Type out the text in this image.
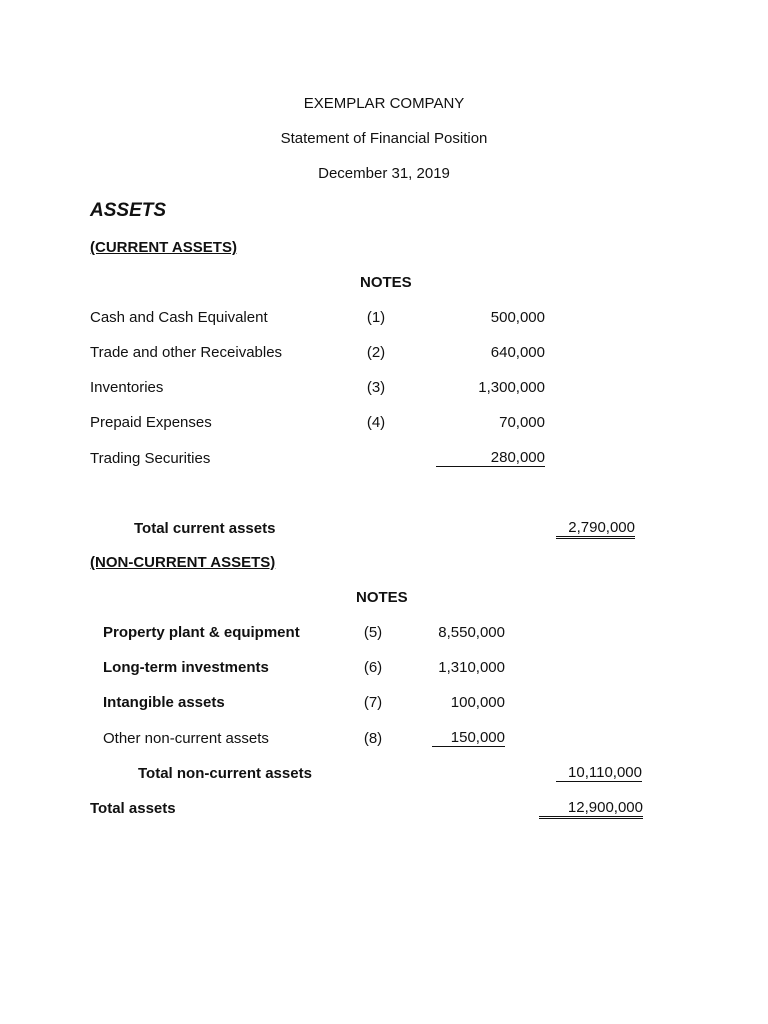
EXEMPLAR COMPANY
Statement of Financial Position
December 31, 2019
ASSETS
(CURRENT ASSETS)
NOTES
Cash and Cash Equivalent	(1)	500,000
Trade and other Receivables	(2)	640,000
Inventories	(3)	1,300,000
Prepaid Expenses	(4)	70,000
Trading Securities	280,000
Total current assets	2,790,000
(NON-CURRENT ASSETS)
NOTES
Property plant & equipment	(5)	8,550,000
Long-term investments	(6)	1,310,000
Intangible assets	(7)	100,000
Other non-current assets	(8)	150,000
Total non-current assets	10,110,000
Total assets	12,900,000
